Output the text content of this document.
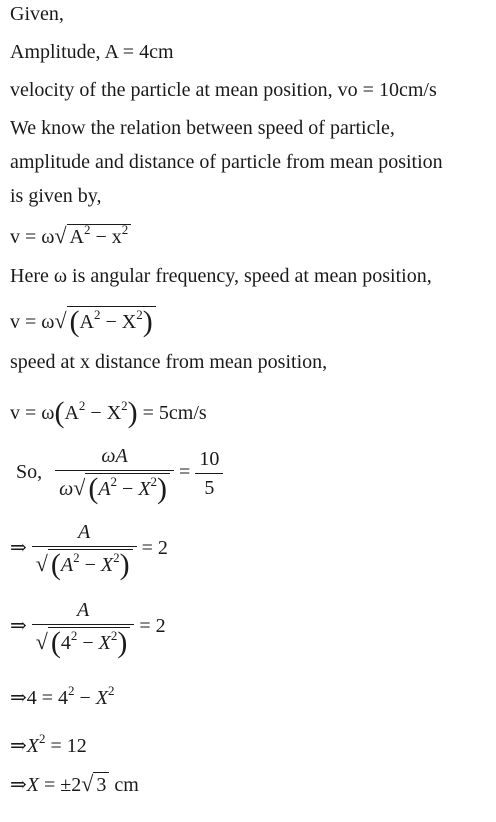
Given,
Amplitude, A = 4cm
velocity of the particle at mean position, vo = 10cm/s
We know the relation between speed of particle,
amplitude and distance of particle from mean position
is given by,
v = ω√ $A^2 - x^2$
Here ω is angular frequency, speed at mean position,
v = ω√ $(A^2 - X^2)$
speed at x distance from mean position,
$v = \omega(A^2 - X^2) = 5cm/s$
So, $\frac{\omega A}{\omega√ (A^2 - X^2)} = \frac{10}{5}$
⇒ $\frac{A}{√ (A^2 - X^2)} = 2$
⇒ $\frac{A}{√ (4^2 - X^2)} = 2$
⇒4 = $4^2 - X^2$
$\Rightarrow X^2 = 12$
⇒X = ±2√ 3 cm
